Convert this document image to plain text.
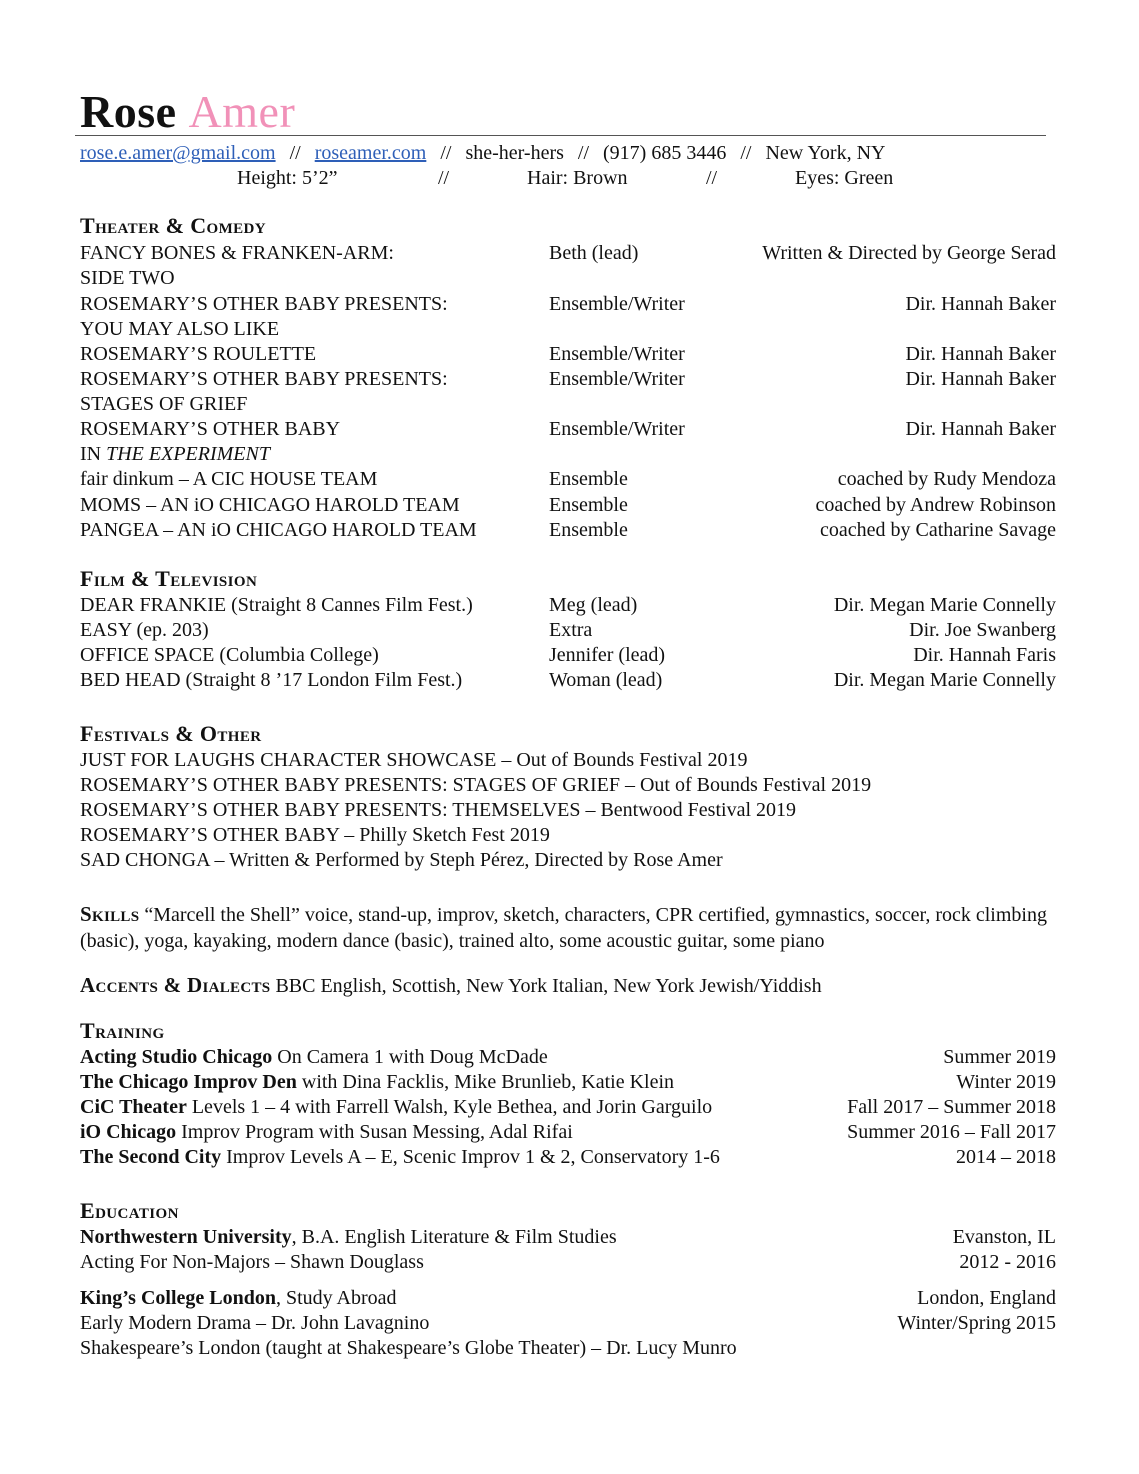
Rose Amer
rose.e.amer@gmail.com // roseamer.com // she-her-hers // (917) 685 3446 // New York, NY
Height: 5’2”	//	Hair: Brown	//	Eyes: Green
Theater & Comedy
FANCY BONES & FRANKEN-ARM:	Beth (lead)	Written & Directed by George Serad
SIDE TWO
ROSEMARY’S OTHER BABY PRESENTS:	Ensemble/Writer	Dir. Hannah Baker
YOU MAY ALSO LIKE
ROSEMARY’S ROULETTE	Ensemble/Writer	Dir. Hannah Baker
ROSEMARY’S OTHER BABY PRESENTS:	Ensemble/Writer	Dir. Hannah Baker
STAGES OF GRIEF
ROSEMARY’S OTHER BABY	Ensemble/Writer	Dir. Hannah Baker
IN THE EXPERIMENT
fair dinkum – A CIC HOUSE TEAM	Ensemble	coached by Rudy Mendoza
MOMS – AN iO CHICAGO HAROLD TEAM	Ensemble	coached by Andrew Robinson
PANGEA – AN iO CHICAGO HAROLD TEAM	Ensemble	coached by Catharine Savage
Film & Television
DEAR FRANKIE (Straight 8 Cannes Film Fest.)	Meg (lead)	Dir. Megan Marie Connelly
EASY (ep. 203)	Extra	Dir. Joe Swanberg
OFFICE SPACE (Columbia College)	Jennifer (lead)	Dir. Hannah Faris
BED HEAD (Straight 8 ’17 London Film Fest.)	Woman (lead)	Dir. Megan Marie Connelly
Festivals & Other
JUST FOR LAUGHS CHARACTER SHOWCASE – Out of Bounds Festival 2019
ROSEMARY’S OTHER BABY PRESENTS: STAGES OF GRIEF – Out of Bounds Festival 2019
ROSEMARY’S OTHER BABY PRESENTS: THEMSELVES – Bentwood Festival 2019
ROSEMARY’S OTHER BABY – Philly Sketch Fest 2019
SAD CHONGA – Written & Performed by Steph Pérez, Directed by Rose Amer
Skills “Marcell the Shell” voice, stand-up, improv, sketch, characters, CPR certified, gymnastics, soccer, rock climbing (basic), yoga, kayaking, modern dance (basic), trained alto, some acoustic guitar, some piano
Accents & Dialects BBC English, Scottish, New York Italian, New York Jewish/Yiddish
Training
Acting Studio Chicago On Camera 1 with Doug McDade	Summer 2019
The Chicago Improv Den with Dina Facklis, Mike Brunlieb, Katie Klein	Winter 2019
CiC Theater Levels 1 – 4 with Farrell Walsh, Kyle Bethea, and Jorin Garguilo	Fall 2017 – Summer 2018
iO Chicago Improv Program with Susan Messing, Adal Rifai	Summer 2016 – Fall 2017
The Second City Improv Levels A – E, Scenic Improv 1 & 2, Conservatory 1-6	2014 – 2018
Education
Northwestern University, B.A. English Literature & Film Studies	Evanston, IL
Acting For Non-Majors – Shawn Douglass	2012 - 2016
King’s College London, Study Abroad	London, England
Early Modern Drama – Dr. John Lavagnino	Winter/Spring 2015
Shakespeare’s London (taught at Shakespeare’s Globe Theater) – Dr. Lucy Munro
